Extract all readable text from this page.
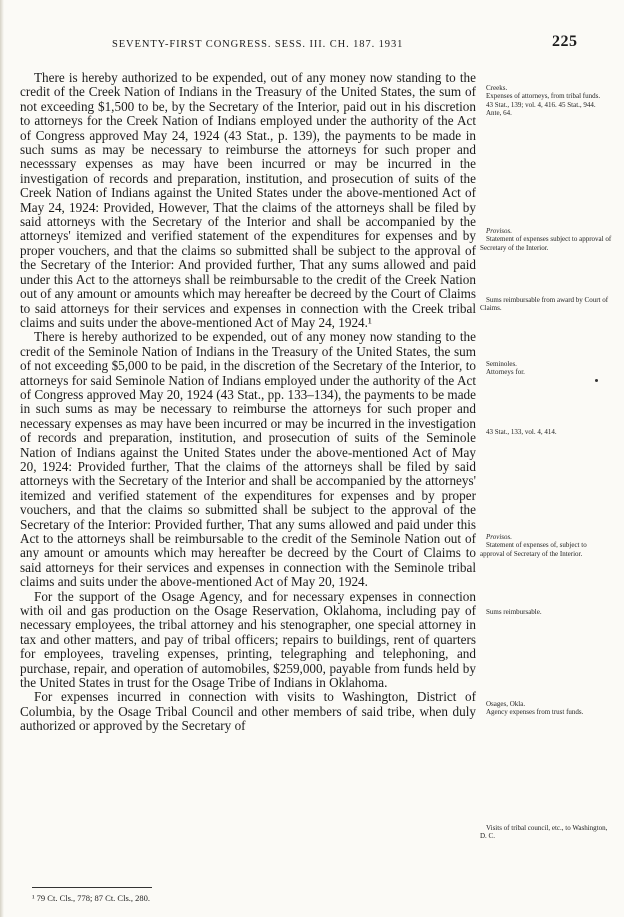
SEVENTY-FIRST CONGRESS. SESS. III. CH. 187. 1931	225

There is hereby authorized to be expended, out of any money now standing to the credit of the Creek Nation of Indians in the Treasury of the United States, the sum of not exceeding $1,500 to be, by the Secretary of the Interior, paid out in his discretion to attorneys for the Creek Nation of Indians employed under the authority of the Act of Congress approved May 24, 1924 (43 Stat., p. 139), the payments to be made in such sums as may be necessary to reimburse the attorneys for such proper and necesssary expenses as may have been incurred or may be incurred in the investigation of records and preparation, institution, and prosecution of suits of the Creek Nation of Indians against the United States under the above-mentioned Act of May 24, 1924: Provided, However, That the claims of the attorneys shall be filed by said attorneys with the Secretary of the Interior and shall be accompanied by the attorneys' itemized and verified statement of the expenditures for expenses and by proper vouchers, and that the claims so submitted shall be subject to the approval of the Secretary of the Interior: And provided further, That any sums allowed and paid under this Act to the attorneys shall be reimbursable to the credit of the Creek Nation out of any amount or amounts which may hereafter be decreed by the Court of Claims to said attorneys for their services and expenses in connection with the Creek tribal claims and suits under the above-mentioned Act of May 24, 1924.¹

There is hereby authorized to be expended, out of any money now standing to the credit of the Seminole Nation of Indians in the Treasury of the United States, the sum of not exceeding $5,000 to be paid, in the discretion of the Secretary of the Interior, to attorneys for said Seminole Nation of Indians employed under the authority of the Act of Congress approved May 20, 1924 (43 Stat., pp. 133–134), the payments to be made in such sums as may be necessary to reimburse the attorneys for such proper and necessary expenses as may have been incurred or may be incurred in the investigation of records and preparation, institution, and prosecution of suits of the Seminole Nation of Indians against the United States under the above-mentioned Act of May 20, 1924: Provided further, That the claims of the attorneys shall be filed by said attorneys with the Secretary of the Interior and shall be accompanied by the attorneys' itemized and verified statement of the expenditures for expenses and by proper vouchers, and that the claims so submitted shall be subject to the approval of the Secretary of the Interior: Provided further, That any sums allowed and paid under this Act to the attorneys shall be reimbursable to the credit of the Seminole Nation out of any amount or amounts which may hereafter be decreed by the Court of Claims to said attorneys for their services and expenses in connection with the Seminole tribal claims and suits under the above-mentioned Act of May 20, 1924.

For the support of the Osage Agency, and for necessary expenses in connection with oil and gas production on the Osage Reservation, Oklahoma, including pay of necessary employees, the tribal attorney and his stenographer, one special attorney in tax and other matters, and pay of tribal officers; repairs to buildings, rent of quarters for employees, traveling expenses, printing, telegraphing and telephoning, and purchase, repair, and operation of automobiles, $259,000, payable from funds held by the United States in trust for the Osage Tribe of Indians in Oklahoma.

For expenses incurred in connection with visits to Washington, District of Columbia, by the Osage Tribal Council and other members of said tribe, when duly authorized or approved by the Secretary of

Creeks.
Expenses of attorneys, from tribal funds.
43 Stat., 139; vol. 4, 416. 45 Stat., 944.
Ante, 64.
Provisos.
Statement of expenses subject to approval of Secretary of the Interior.
Sums reimbursable from award by Court of Claims.
Seminoles.
Attorneys for.
43 Stat., 133, vol. 4, 414.
Provisos.
Statement of expenses of, subject to approval of Secretary of the Interior.
Sums reimbursable.
Osages, Okla.
Agency expenses from trust funds.
Visits of tribal council, etc., to Washington, D. C.
¹ 79 Ct. Cls., 778; 87 Ct. Cls., 280.
